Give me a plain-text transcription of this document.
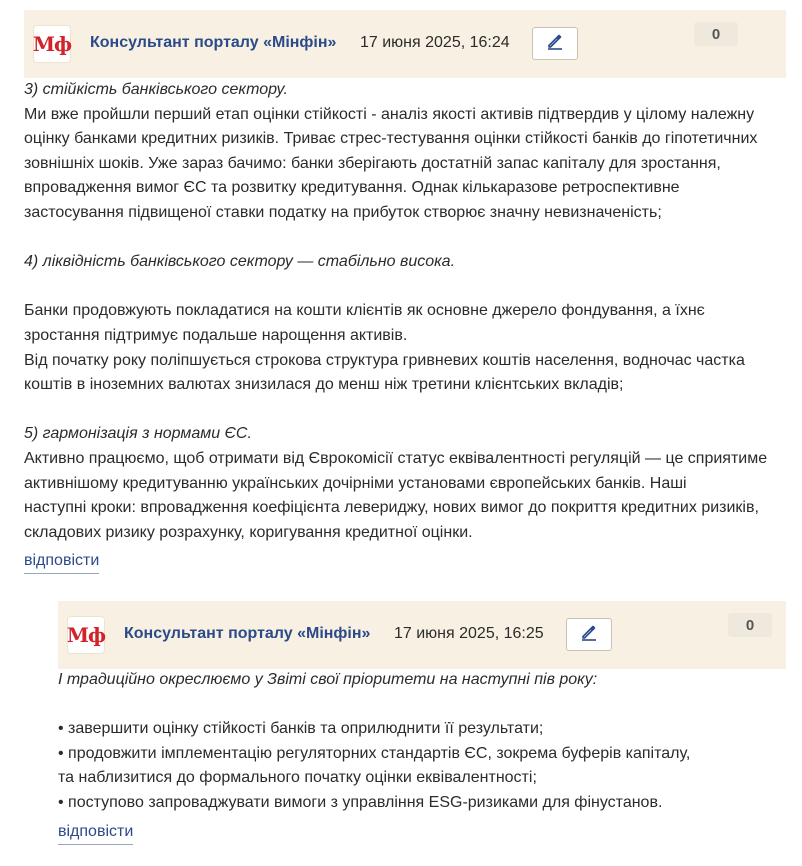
Мф Консультант порталу «Мінфін» 17 июня 2025, 16:24	0

3) стійкість банківського сектору.

Ми вже пройшли перший етап оцінки стійкості - аналіз якості активів підтвердив у цілому належну

оцінку банками кредитних ризиків. Триває стрес-тестування оцінки стійкості банків до гіпотетичних

зовнішніх шоків. Уже зараз бачимо: банки зберігають достатній запас капіталу для зростання,

впровадження вимог ЄС та розвитку кредитування. Однак кількаразове ретроспективне

застосування підвищеної ставки податку на прибуток створює значну невизначеність;

4) ліквідність банківського сектору — стабільно висока.

Банки продовжують покладатися на кошти клієнтів як основне джерело фондування, а їхнє

зростання підтримує подальше нарощення активів.

Від початку року поліпшується строкова структура гривневих коштів населення, водночас частка

коштів в іноземних валютах знизилася до менш ніж третини клієнтських вкладів;

5) гармонізація з нормами ЄС.

Активно працюємо, щоб отримати від Єврокомісії статус еквівалентності регуляцій — це сприятиме

активнішому кредитуванню українських дочірніми установами європейських банків. Наші

наступні кроки: впровадження коефіцієнта левериджу, нових вимог до покриття кредитних ризиків,

складових ризику розрахунку, коригування кредитної оцінки.

відповісти
Мф Консультант порталу «Мінфін» 17 июня 2025, 16:25	0

І традиційно окреслюємо у Звіті свої пріоритети на наступні пів року:

• завершити оцінку стійкості банків та оприлюднити її результати;

• продовжити імплементацію регуляторних стандартів ЄС, зокрема буферів капіталу,

та наблизитися до формального початку оцінки еквівалентності;

• поступово запроваджувати вимоги з управління ESG-ризиками для фінустанов.

відповісти
